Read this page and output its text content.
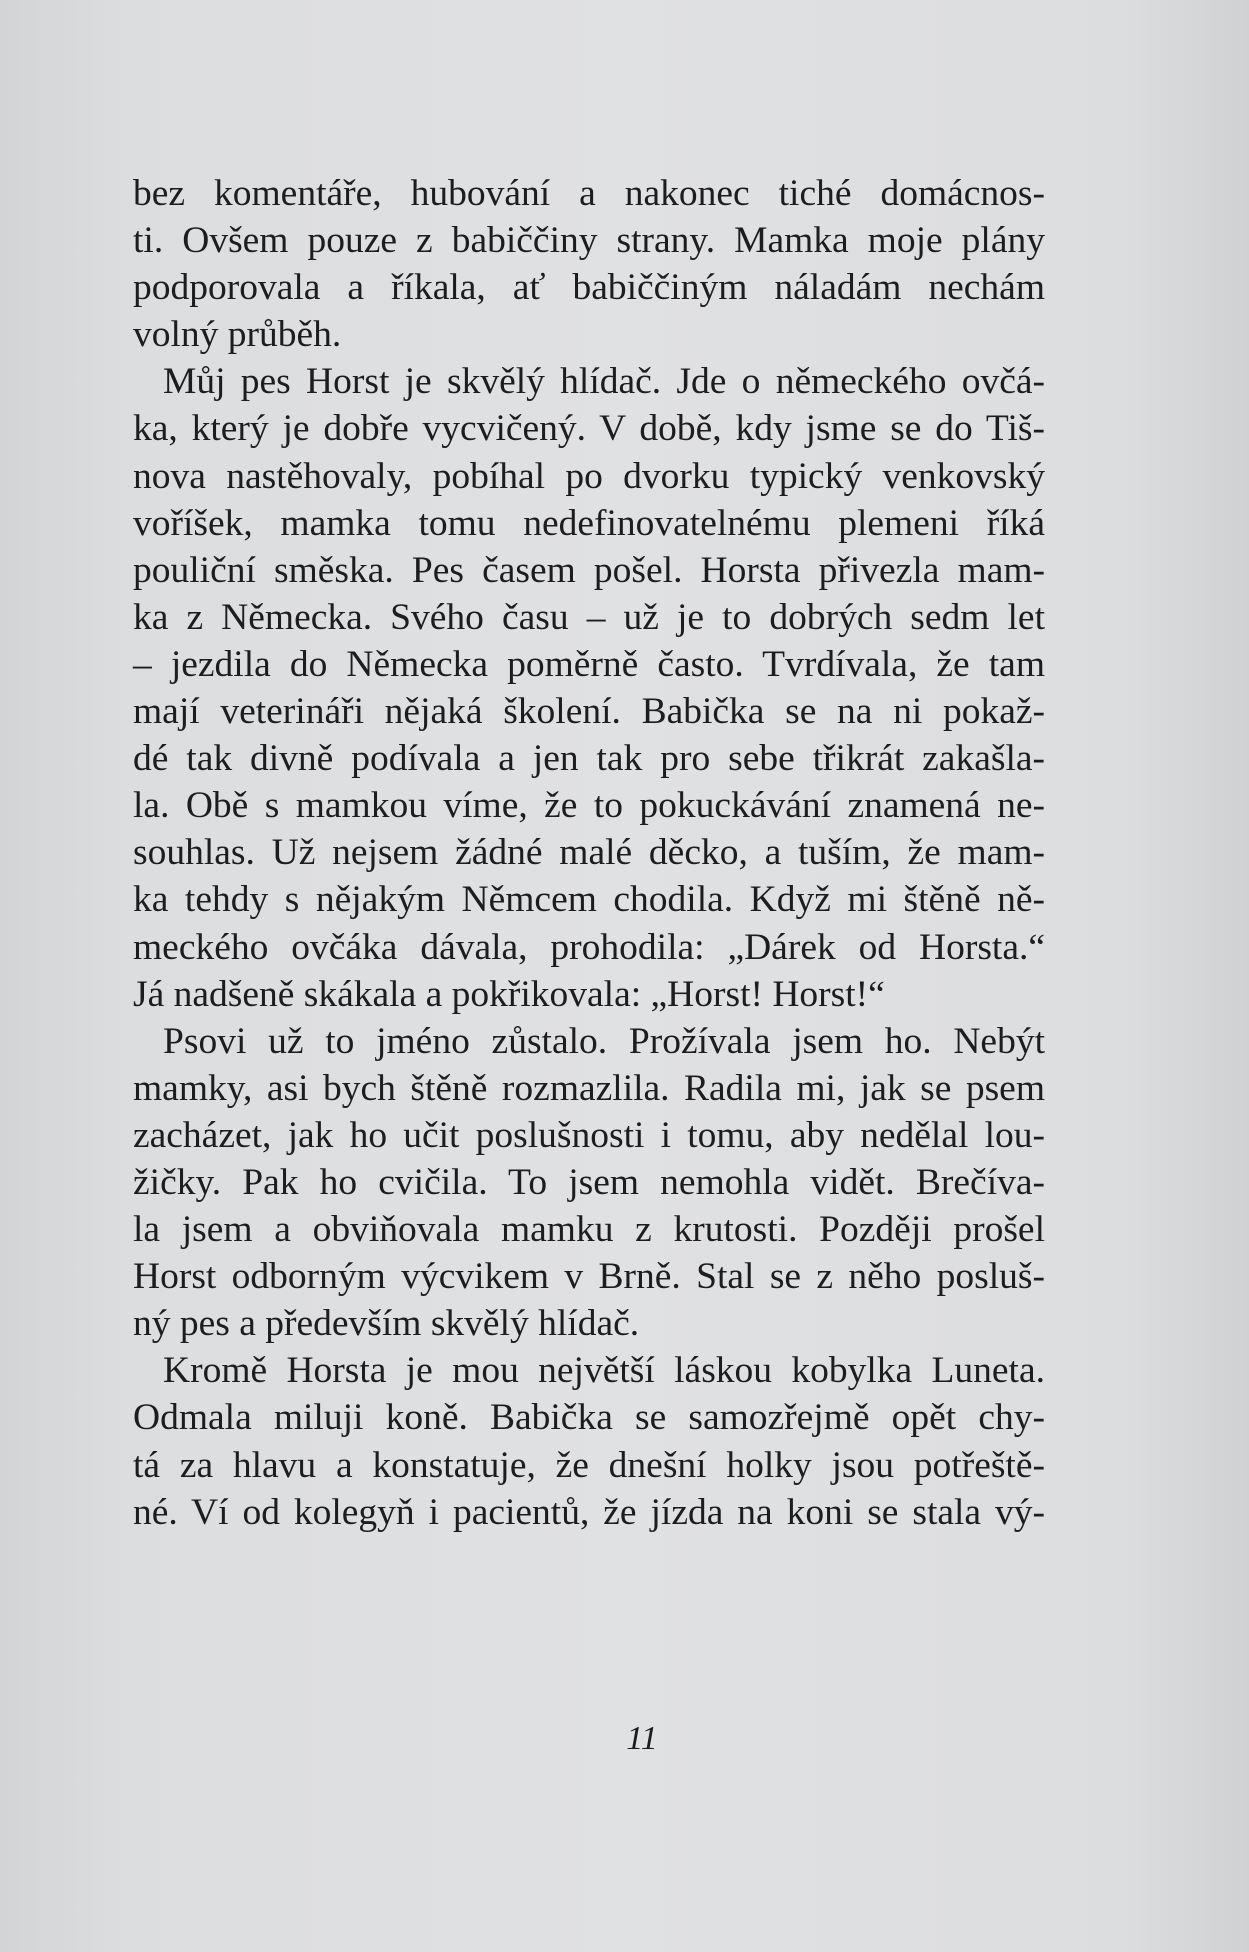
bez komentáře, hubování a nakonec tiché domácnos-
ti. Ovšem pouze z babiččiny strany. Mamka moje plány
podporovala a říkala, ať babiččiným náladám nechám
volný průběh.
Můj pes Horst je skvělý hlídač. Jde o německého ovčá-
ka, který je dobře vycvičený. V době, kdy jsme se do Tiš-
nova nastěhovaly, pobíhal po dvorku typický venkovský
voříšek, mamka tomu nedefinovatelnému plemeni říká
pouliční směska. Pes časem pošel. Horsta přivezla mam-
ka z Německa. Svého času – už je to dobrých sedm let
– jezdila do Německa poměrně často. Tvrdívala, že tam
mají veterináři nějaká školení. Babička se na ni pokaž-
dé tak divně podívala a jen tak pro sebe třikrát zakašla-
la. Obě s mamkou víme, že to pokuckávání znamená ne-
souhlas. Už nejsem žádné malé děcko, a tuším, že mam-
ka tehdy s nějakým Němcem chodila. Když mi štěně ně-
meckého ovčáka dávala, prohodila: „Dárek od Horsta.“
Já nadšeně skákala a pokřikovala: „Horst! Horst!“
Psovi už to jméno zůstalo. Prožívala jsem ho. Nebýt
mamky, asi bych štěně rozmazlila. Radila mi, jak se psem
zacházet, jak ho učit poslušnosti i tomu, aby nedělal lou-
žičky. Pak ho cvičila. To jsem nemohla vidět. Brečíva-
la jsem a obviňovala mamku z krutosti. Později prošel
Horst odborným výcvikem v Brně. Stal se z něho posluš-
ný pes a především skvělý hlídač.
Kromě Horsta je mou největší láskou kobylka Luneta.
Odmala miluji koně. Babička se samozřejmě opět chy-
tá za hlavu a konstatuje, že dnešní holky jsou potřeště-
né. Ví od kolegyň i pacientů, že jízda na koni se stala vý-
11
